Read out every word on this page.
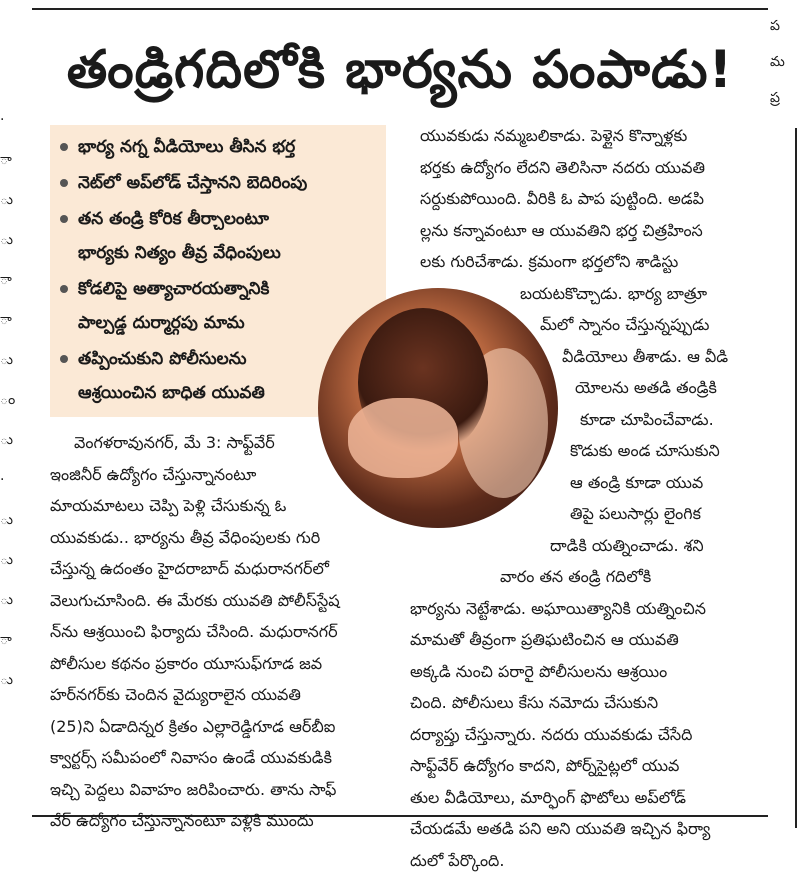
·
ా
ు
ు
ా
ా
ు
ం
ు
·
ు
ు
ు
ా
ు
ప
మ
ప్ర
తండ్రిగదిలోకి భార్యను పంపాడు!
భార్య నగ్న వీడియోలు తీసిన భర్త
నెట్‌లో అప్‌లోడ్ చేస్తానని బెదిరింపు
తన తండ్రి కోరిక తీర్చాలంటూ
భార్యకు నిత్యం తీవ్ర వేధింపులు
కోడలిపై అత్యాచారయత్నానికి
పాల్పడ్డ దుర్మార్గపు మామ
తప్పించుకుని పోలీసులను
ఆశ్రయించిన బాధిత యువతి
యువకుడు నమ్మబలికాడు. పెళ్లైన కొన్నాళ్లకు
భర్తకు ఉద్యోగం లేదని తెలిసినా నదరు యువతి
సర్దుకుపోయింది. వీరికి ఓ పాప పుట్టింది. అడపి
ల్లను కన్నావంటూ ఆ యువతిని భర్త చిత్రహింస
లకు గురిచేశాడు. క్రమంగా భర్తలోని శాడిస్టు
బయటకొచ్చాడు. భార్య బాత్రూ
మ్‌లో స్నానం చేస్తున్నప్పుడు
వీడియోలు తీశాడు. ఆ వీడి
యోలను అతడి తండ్రికి
కూడా చూపించేవాడు.
కొడుకు అండ చూసుకుని
ఆ తండ్రి కూడా యువ
తిపై పలుసార్లు లైంగిక
దాడికి యత్నించాడు. శని
వారం తన తండ్రి గదిలోకి
భార్యను నెట్టేశాడు. అఘాయిత్యానికి యత్నించిన
మామతో తీవ్రంగా ప్రతిఘటించిన ఆ యువతి
అక్కడి నుంచి పరారై పోలీసులను ఆశ్రయిం
చింది. పోలీసులు కేసు నమోదు చేసుకుని
దర్యాప్తు చేస్తున్నారు. నదరు యువకుడు చేసేది
సాఫ్ట్‌వేర్ ఉద్యోగం కాదని, పోర్న్‌సైట్లలో యువ
తుల వీడియోలు, మార్ఫింగ్ ఫొటోలు అప్‌లోడ్
చేయడమే అతడి పని అని యువతి ఇచ్చిన ఫిర్యా
దులో పేర్కొంది.
వెంగళరావునగర్, మే 3: సాఫ్ట్‌వేర్
ఇంజినీర్ ఉద్యోగం చేస్తున్నానంటూ
మాయమాటలు చెప్పి పెళ్లి చేసుకున్న ఓ
యువకుడు.. భార్యను తీవ్ర వేధింపులకు గురి
చేస్తున్న ఉదంతం హైదరాబాద్ మధురానగర్‌లో
వెలుగుచూసింది. ఈ మేరకు యువతి పోలీస్‌స్టేష
న్‌ను ఆశ్రయించి ఫిర్యాదు చేసింది. మధురానగర్
పోలీసుల కథనం ప్రకారం యూసుఫ్‌గూడ జవ
హర్‌నగర్‌కు చెందిన వైద్యురాలైన యువతి
(25)ని ఏడాదిన్నర క్రితం ఎల్లారెడ్డిగూడ ఆర్‌బీఐ
క్వార్టర్స్ సమీపంలో నివాసం ఉండే యువకుడికి
ఇచ్చి పెద్దలు వివాహం జరిపించారు. తాను సాఫ్
వేర్ ఉద్యోగం చేస్తున్నానంటూ పెళ్లికి ముందు
